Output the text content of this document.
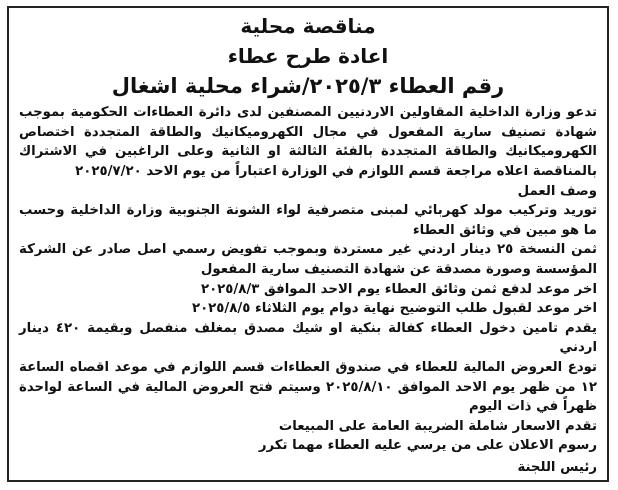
مناقصة محلية
اعادة طرح عطاء
رقم العطاء ٢٠٢٥/٣/شراء محلية اشغال

تدعو وزارة الداخلية المقاولين الاردنيين المصنفين لدى دائرة العطاءات الحكومية بموجب شهادة تصنيف سارية المفعول في مجال الكهروميكانيك والطاقة المتجددة اختصاص الكهروميكانيك والطاقة المتجددة بالفئة الثالثة او الثانية وعلى الراغبين في الاشتراك بالمناقصة اعلاه مراجعة قسم اللوازم في الوزارة اعتباراً من يوم الاحد ٢٠٢٥/٧/٢٠

وصف العمل

توريد وتركيب مولد كهربائي لمبنى متصرفية لواء الشونة الجنوبية وزارة الداخلية وحسب ما هو مبين في وثائق العطاء

ثمن النسخة ٢٥ دينار اردني غير مستردة وبموجب تفويض رسمي اصل صادر عن الشركة المؤسسة وصورة مصدقة عن شهادة التصنيف سارية المفعول

اخر موعد لدفع ثمن وثائق العطاء يوم الاحد الموافق ٢٠٢٥/٨/٣

اخر موعد لقبول طلب التوضيح نهاية دوام يوم الثلاثاء ٢٠٢٥/٨/٥

يقدم تامين دخول العطاء كفالة بنكية او شيك مصدق بمغلف منفصل وبقيمة ٤٢٠ دينار اردني

تودع العروض المالية للعطاء في صندوق العطاءات قسم اللوازم في موعد اقصاه الساعة ١٢ من ظهر يوم الاحد الموافق ٢٠٢٥/٨/١٠ وسيتم فتح العروض المالية في الساعة لواحدة ظهراً في ذات اليوم

تقدم الاسعار شاملة الضريبة العامة على المبيعات

رسوم الاعلان على من يرسي عليه العطاء مهما تكرر

رئيس اللجنة
